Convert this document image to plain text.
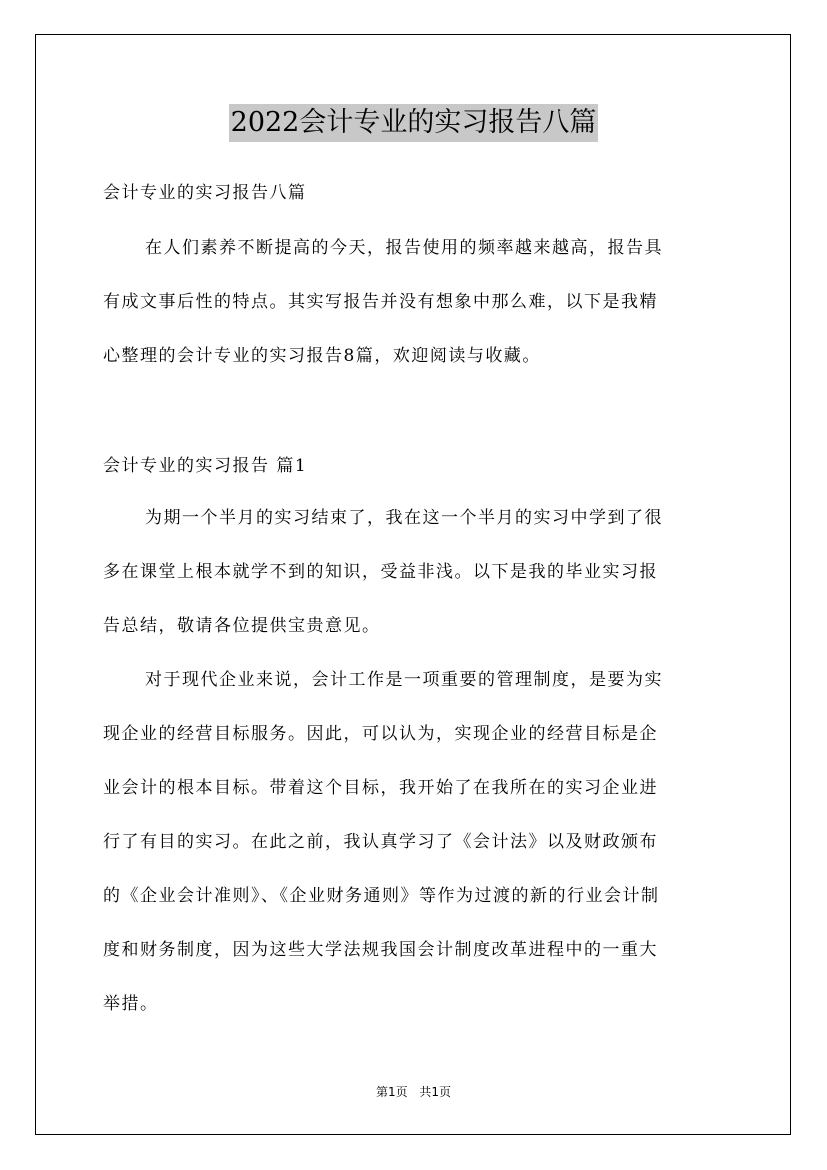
2022会计专业的实习报告八篇
会计专业的实习报告八篇
在人们素养不断提高的今天，报告使用的频率越来越高，报告具
有成文事后性的特点。其实写报告并没有想象中那么难，以下是我精
心整理的会计专业的实习报告8篇，欢迎阅读与收藏。
会计专业的实习报告 篇1
为期一个半月的实习结束了，我在这一个半月的实习中学到了很
多在课堂上根本就学不到的知识，受益非浅。以下是我的毕业实习报
告总结，敬请各位提供宝贵意见。
对于现代企业来说，会计工作是一项重要的管理制度，是要为实
现企业的经营目标服务。因此，可以认为，实现企业的经营目标是企
业会计的根本目标。带着这个目标，我开始了在我所在的实习企业进
行了有目的实习。在此之前，我认真学习了《会计法》以及财政颁布
的《企业会计准则》、《企业财务通则》等作为过渡的新的行业会计制
度和财务制度，因为这些大学法规我国会计制度改革进程中的一重大
举措。
第1页 共1页
